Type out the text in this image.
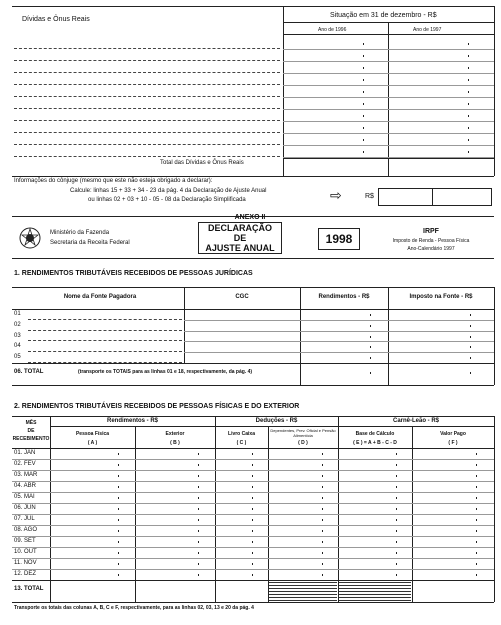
Dívidas e Ônus Reais
Situação em 31 de dezembro - R$
Ano de 1996	Ano de 1997
Total das Dívidas e Ônus Reais
Informações do cônjuge (mesmo que este não esteja obrigado a declarar):
Calcule: linhas 15 + 33 + 34 - 23 da pág. 4 da Declaração de Ajuste Anual
ou linhas 02 + 03 + 10 - 05 - 08 da Declaração Simplificada	⇨	R$
Ministério da Fazenda
Secretaria da Receita Federal
ANEXO II
DECLARAÇÃO
DE
AJUSTE ANUAL
1998
IRPF
Imposto de Renda - Pessoa Física
Ano-Calendário 1997
1. RENDIMENTOS TRIBUTÁVEIS RECEBIDOS DE PESSOAS JURÍDICAS
Nome da Fonte Pagadora	CGC	Rendimentos - R$	Imposto na Fonte - R$
01
02
03
04
05
06. TOTAL	(transporte os TOTAIS para as linhas 01 e 18, respectivamente, da pág. 4)
2. RENDIMENTOS TRIBUTÁVEIS RECEBIDOS DE PESSOAS FÍSICAS E DO EXTERIOR
MÊS
DE
RECEBIMENTO
Rendimentos - R$	Deduções - R$	Carnê-Leão - R$
Pessoa Física
( A )
Exterior
( B )
Livro Caixa
( C )
Dependentes, Prev. Oficial e Pensão Alimentícia
( D )
Base de Cálculo
( E ) = A + B - C - D
Valor Pago
( F )
01. JAN
02. FEV
03. MAR
04. ABR
05. MAI
06. JUN
07. JUL
08. AGO
09. SET
10. OUT
11. NOV
12. DEZ
13. TOTAL
Transporte os totais das colunas A, B, C e F, respectivamente, para as linhas 02, 03, 13 e 20 da pág. 4
